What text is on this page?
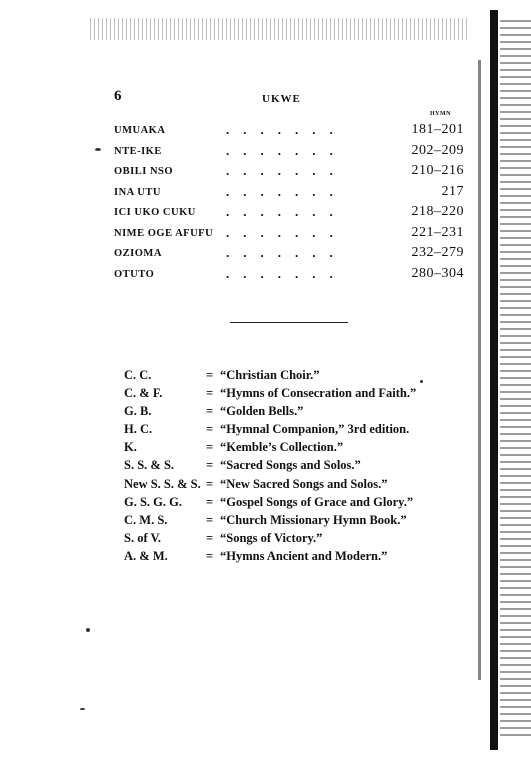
6	UKWE
HYMN
UMUAKA	.......	181–201
NTE-IKE	.......	202–209
OBILI NSO	.......	210–216
INA UTU	.......	217
ICI UKO CUKU .......	218–220
NIME OGE AFUFU .......	221–231
OZIOMA	.......	232–279
OTUTO	.......	280–304
C. C.	= “Christian Choir.”
C. & F.	= “Hymns of Consecration and Faith.”
G. B.	= “Golden Bells.”
H. C.	= “Hymnal Companion,” 3rd edition.
K.	= “Kemble’s Collection.”
S. S. & S.	= “Sacred Songs and Solos.”
New S. S. & S. = “New Sacred Songs and Solos.”
G. S. G. G. = “Gospel Songs of Grace and Glory.”
C. M. S.	= “Church Missionary Hymn Book.”
S. of V.	= “Songs of Victory.”
A. & M.	= “Hymns Ancient and Modern.”
